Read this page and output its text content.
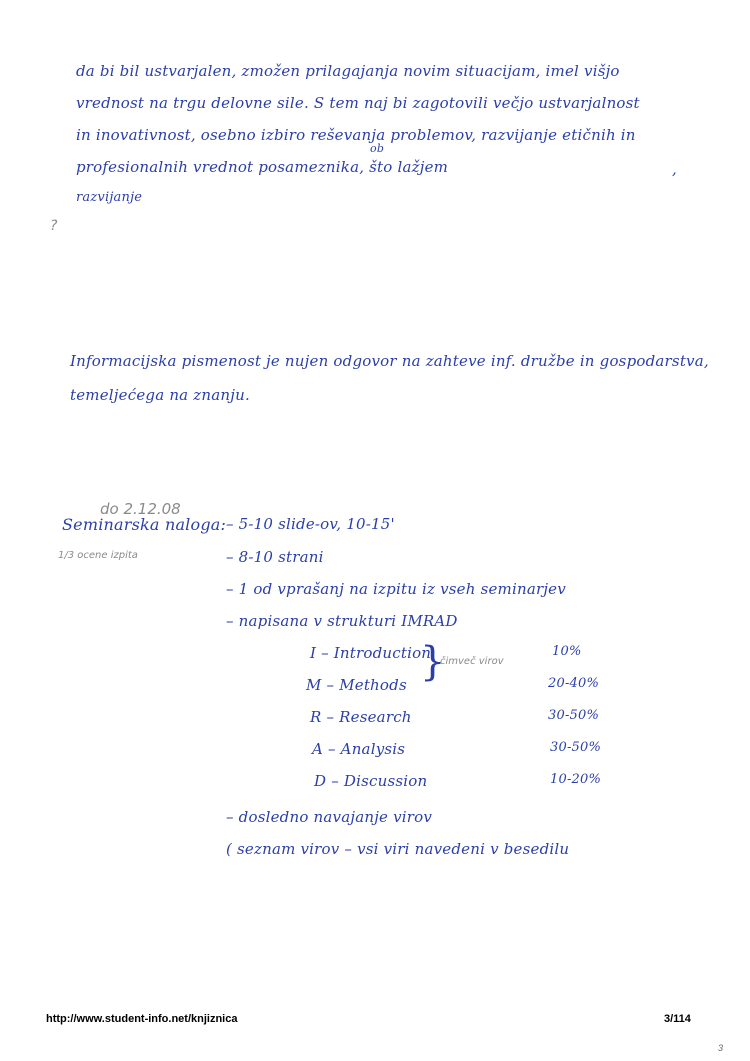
da bi bil ustvarjalen, zmožen prilagajanja novim situacijam, imel višjo
vrednost na trgu delovne sile. S tem naj bi zagotovili večjo ustvarjalnost
in inovativnost, osebno izbiro reševanja problemov, razvijanje etičnih in
profesionalnih vrednot posameznika, što lažjem
ob
razvijanje
,
?
Informacijska pismenost je nujen odgovor na zahteve inf. družbe in gospodarstva,
temeljećega na znanju.
do 2.12.08
Seminarska naloga:
1/3 ocene izpita
– 5-10 slide-ov, 10-15'
– 8-10 strani
– 1 od vprašanj na izpitu iz vseh seminarjev
– napisana v strukturi IMRAD
I – Introduction	10%
M – Methods	20-40%
}
čimveč virov
R – Research	30-50%
A – Analysis	30-50%
D – Discussion	10-20%
– dosledno navajanje virov
( seznam virov – vsi viri navedeni v besedilu
http://www.student-info.net/knjiznica	3/114
3
